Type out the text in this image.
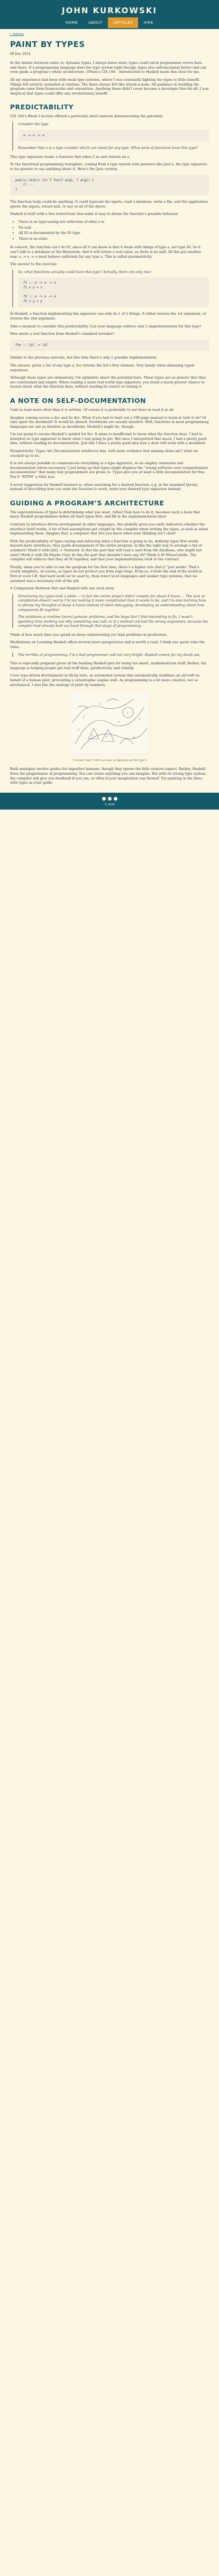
JOHN KURKOWSKI
HOME	ABOUT	ARTICLES	HIRE
« Articles
PAINT BY TYPES
08 Dec 2014

In the debate between static vs. dynamic types, I always knew static types could catch programmer errors here and there. If a programming language does the type system right though, types also self-document better and can even guide a program’s whole architecture. UPenn’s CIS 194 – Introduction to Haskell made this clear for me.

All my experience had been with weak type systems, where I was constantly fighting the types to little benefit. Things felt entirely eyeballed at runtime. The flaws always felt like whack-a-mole. All guidance in building the program came from frameworks and convention. Anything those didn’t cover became a developer free-for-all. I was skeptical that types could offer any revolutionary benefit.

PREDICTABILITY

CIS 194’s Week 5 lecture offered a particular, brief exercise demonstrating the potential.

Consider the type

a -> a -> a

Remember that a is a type variable which can stand for any type. What sorts of functions have this type?

This type signature reads: a function that takes 2 as and returns an a.

To the functional programming transplant, coming from a type system with generics like Java’s, the type signature is too generic to say anything about it. Here’s the Java version.

public static <T> T foo(T arg1, T arg2) {
// ...
}

The function body could do anything. It could typecast the inputs, read a database, write a file, exit the application, ignore the inputs, return null, or any or all of the above.

Haskell is built with a few restrictions that make it easy to divine the function’s possible behavior.

• There is no typecasting nor reflection of what a is.
• No null.
• All IO is documented by the IO type.
• There is no state.

In concert, the function can’t do IO, since all it can know is that it deals with things of type a, not type IO. So it can’t talk to a database or the filesystem. And it will return a real value, as there is no null. All this put another way: a -> a -> a must behave uniformly for any type a. This is called parametricity.

The answer to the exercise:

So, what functions actually could have this type? Actually, there are only two!

f1 :: a -> a -> a
f1 x y = x

f2 :: a -> a -> a
f2 x y = y

In Haskell, a function implementing this signature can only do 1 of 2 things. It either returns the 1st argument, or returns the 2nd argument.

Take a moment to consider this predictability. Can your language enforce only 2 implementations for this type?

How about a real function from Haskell’s standard includes?

foo :: [a] -> [a]

Similar to the previous exercise, but this time there’s only 1 possible implementation.

The answer: given a list of any type a, foo returns the list’s first element. Very handy when skimming typed sequences.

Although these types are elementary, I’m optimistic about the potential here. These types are so generic that they are constrained and simple. When reading a more real world type signature, you stand a much greater chance to reason about what the function does, without reading its source or testing it.

A NOTE ON SELF-DOCUMENTATION

Code is read more often than it is written. Of course it is preferable to not have to read it at all.

Imagine coming across a doc and its doc. What if you had to hunt out a 100-page manual to learn to turn it on? Or take apart the doorknob? It would be absurd. Doorknobs are usually intuitive. Well, functions in most programming languages are not as intuitive as doorknobs. Haskell’s might be, though.

I’m not going to excuse Haskell’s symbol for foo. It alone is insufficient to know what the function does. I had to interpret its type signature to know what I was going to get. But once I interpreted that much, I had a pretty good idea, without reading its documentation. Just like I have a pretty good idea how a door will work with a doorknob.

Parametricity: Types Are Documentation reinforces this, with more evidence that naming alone isn’t what we cracked up to be.

It is not always possible to communicate everything in a type signature, so do employ comments and documentation where necessary. I just bring up that types might displace the “wrong software over comprehensive documentation” that many lazy programmers are prone to. Types give you at least a little documentation for free. You’d “RTFM” a little less.

A novel suggestion for Haskell learners is, when searching for a desired function, e.g. in the standard library, instead of describing how you want the function to work, enter your desired type signature instead.

GUIDING A PROGRAM’S ARCHITECTURE

The expressiveness of types is determining what you want, rather than how to do it, becomes such a boon that many Haskell programmers define all their types first, and fill in the implementations later.

Contrary to interface-driven development in other languages, this globally gives you early indicators whether the interface itself works. A lot of bad assumptions get caught by the compiler when writing the types, as well as when implementing them. Imagine that, a computer that lets you know when your thinking isn’t clear!

With the predictability of types saying and enforcing what a function is going to do, defining types first works beyond mere interfaces; they guide development of the entire program. Is this the right way to arrange a list of numbers? Mark it with [Int] -> Textured. Is this the part that will read a user from the database, who might not exist? Mark it with Db Maybe User. In this the part that shouldn’t have any IO? Mark it IO WhoeCandle. The compiler will enforce that they all fit together, and that your implementations stick to the contract.

Finally, when you’re able to run the program for the first time, there’s a higher rate that it “just works” That’s overly simplistic, of course, as types do not protect you from logic bugs. Even so, it feels the end of the world in Perl or even C#, that hard work we’re used to, from lower level languages and weaker type systems, that we assumed was a necessary evil of the job.

A Comparison Between Perl and Haskell tells one such story.

Structuring my types took a while — in fact the entire project didn’t compile for about 4 hours ... The lack of compilation doesn’t worry. I’m not making it more complicated than it needs to be, and I’m also learning how to phrase my thoughts in those 4 hours instead of when debugging, developing an understanding about how components fit together.

The problems at runtime [were] genuine problems, and the bugs that I find interesting to fix. I wasn’t spending time working out why something was null, or if a method call had the wrong arguments, because the compiler had already held my hand through that stage of programming.

Think of how much time you spend on those uninteresting yet fatal problems in production.

Meditations on Learning Haskell offers several more perspectives and is worth a read. I think one quote wins the tome.

The terrible at programming. I’m a bad programmer and not very bright. Haskell covers for my dumb ass.

This is especially poignant given all the bashing Haskell gets for being too smart, mathematician stuff. Rather, the language is helping people get real stuff done, productively and reliably.

I love type-driven development so fly-by-wire, as automated system that automatically stabilizes an aircraft on behalf of a human pilot, preventing a catastrophic engine stall. As programming is a lot more creative, not so mechanical, I also like the analogy of paint by numbers.

3	5
1
2
4
6
2
7
3
“A scenic view” (Off is as easy as figuring out the type”)

Both analogies involve guides for imperfect humans, though they ignore the fully creative aspect. Rather, Haskell frees the programmer of programming. You can create anything you can imagine. But with its strong type system, the compiler will give you feedback if you can, or often if your imagination was flawed! Try painting in the lines, with types as your guide.

© 2024
